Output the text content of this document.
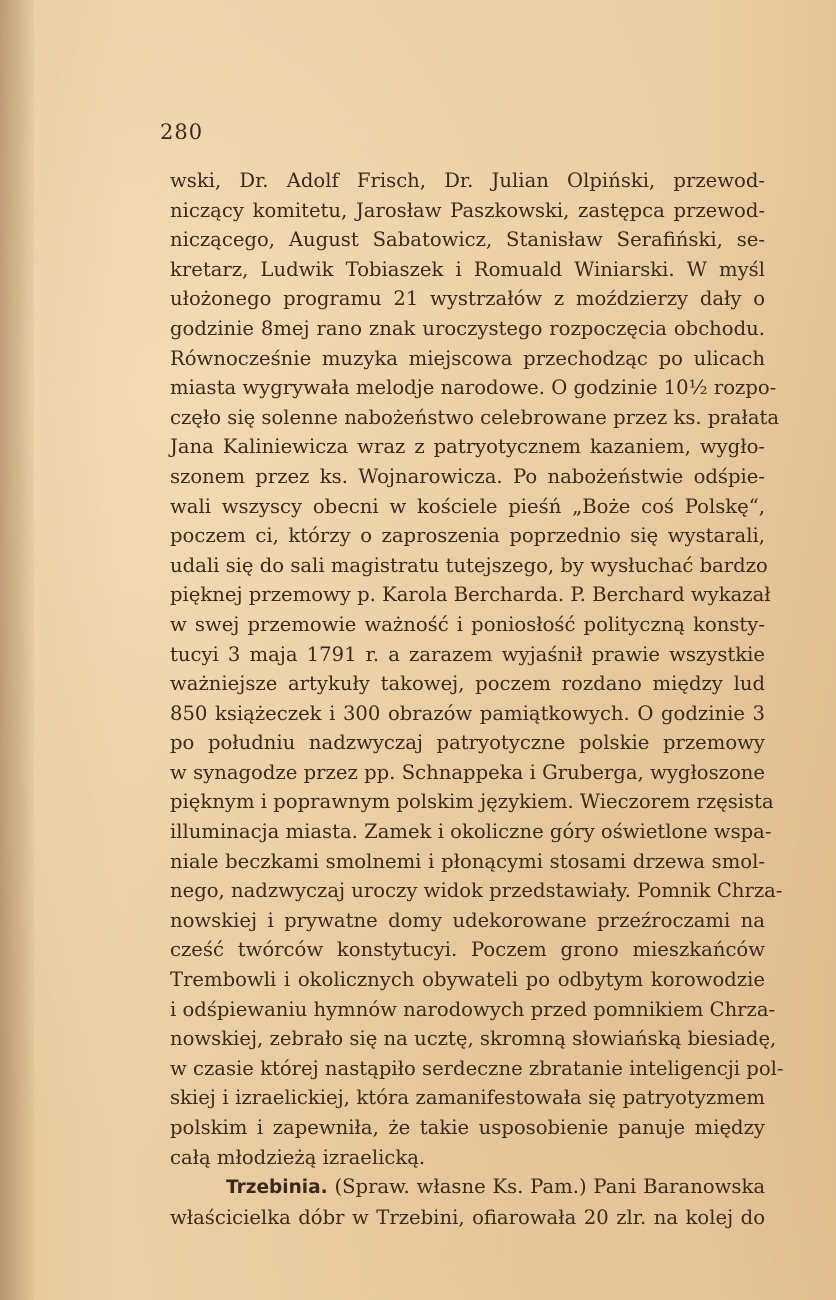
280
wski, Dr. Adolf Frisch, Dr. Julian Olpiński, przewod-
niczący komitetu, Jarosław Paszkowski, zastępca przewod-
niczącego, August Sabatowicz, Stanisław Serafiński, se-
kretarz, Ludwik Tobiaszek i Romuald Winiarski. W myśl
ułożonego programu 21 wystrzałów z moździerzy dały o
godzinie 8mej rano znak uroczystego rozpoczęcia obchodu.
Równocześnie muzyka miejscowa przechodząc po ulicach
miasta wygrywała melodje narodowe. O godzinie 10½ rozpo-
częło się solenne nabożeństwo celebrowane przez ks. prałata
Jana Kaliniewicza wraz z patryotycznem kazaniem, wygło-
szonem przez ks. Wojnarowicza. Po nabożeństwie odśpie-
wali wszyscy obecni w kościele pieśń „Boże coś Polskę“,
poczem ci, którzy o zaproszenia poprzednio się wystarali,
udali się do sali magistratu tutejszego, by wysłuchać bardzo
pięknej przemowy p. Karola Bercharda. P. Berchard wykazał
w swej przemowie ważność i poniosłość polityczną konsty-
tucyi 3 maja 1791 r. a zarazem wyjaśnił prawie wszystkie
ważniejsze artykuły takowej, poczem rozdano między lud
850 książeczek i 300 obrazów pamiątkowych. O godzinie 3
po południu nadzwyczaj patryotyczne polskie przemowy
w synagodze przez pp. Schnappeka i Gruberga, wygłoszone
pięknym i poprawnym polskim językiem. Wieczorem rzęsista
illuminacja miasta. Zamek i okoliczne góry oświetlone wspa-
niale beczkami smolnemi i płonącymi stosami drzewa smol-
nego, nadzwyczaj uroczy widok przedstawiały. Pomnik Chrza-
nowskiej i prywatne domy udekorowane przeźroczami na
cześć twórców konstytucyi. Poczem grono mieszkańców
Trembowli i okolicznych obywateli po odbytym korowodzie
i odśpiewaniu hymnów narodowych przed pomnikiem Chrza-
nowskiej, zebrało się na ucztę, skromną słowiańską biesiadę,
w czasie której nastąpiło serdeczne zbratanie inteligencji pol-
skiej i izraelickiej, która zamanifestowała się patryotyzmem
polskim i zapewniła, że takie usposobienie panuje między
całą młodzieżą izraelicką.
Trzebinia. (Spraw. własne Ks. Pam.) Pani Baranowska
właścicielka dóbr w Trzebini, ofiarowała 20 zlr. na kolej do
